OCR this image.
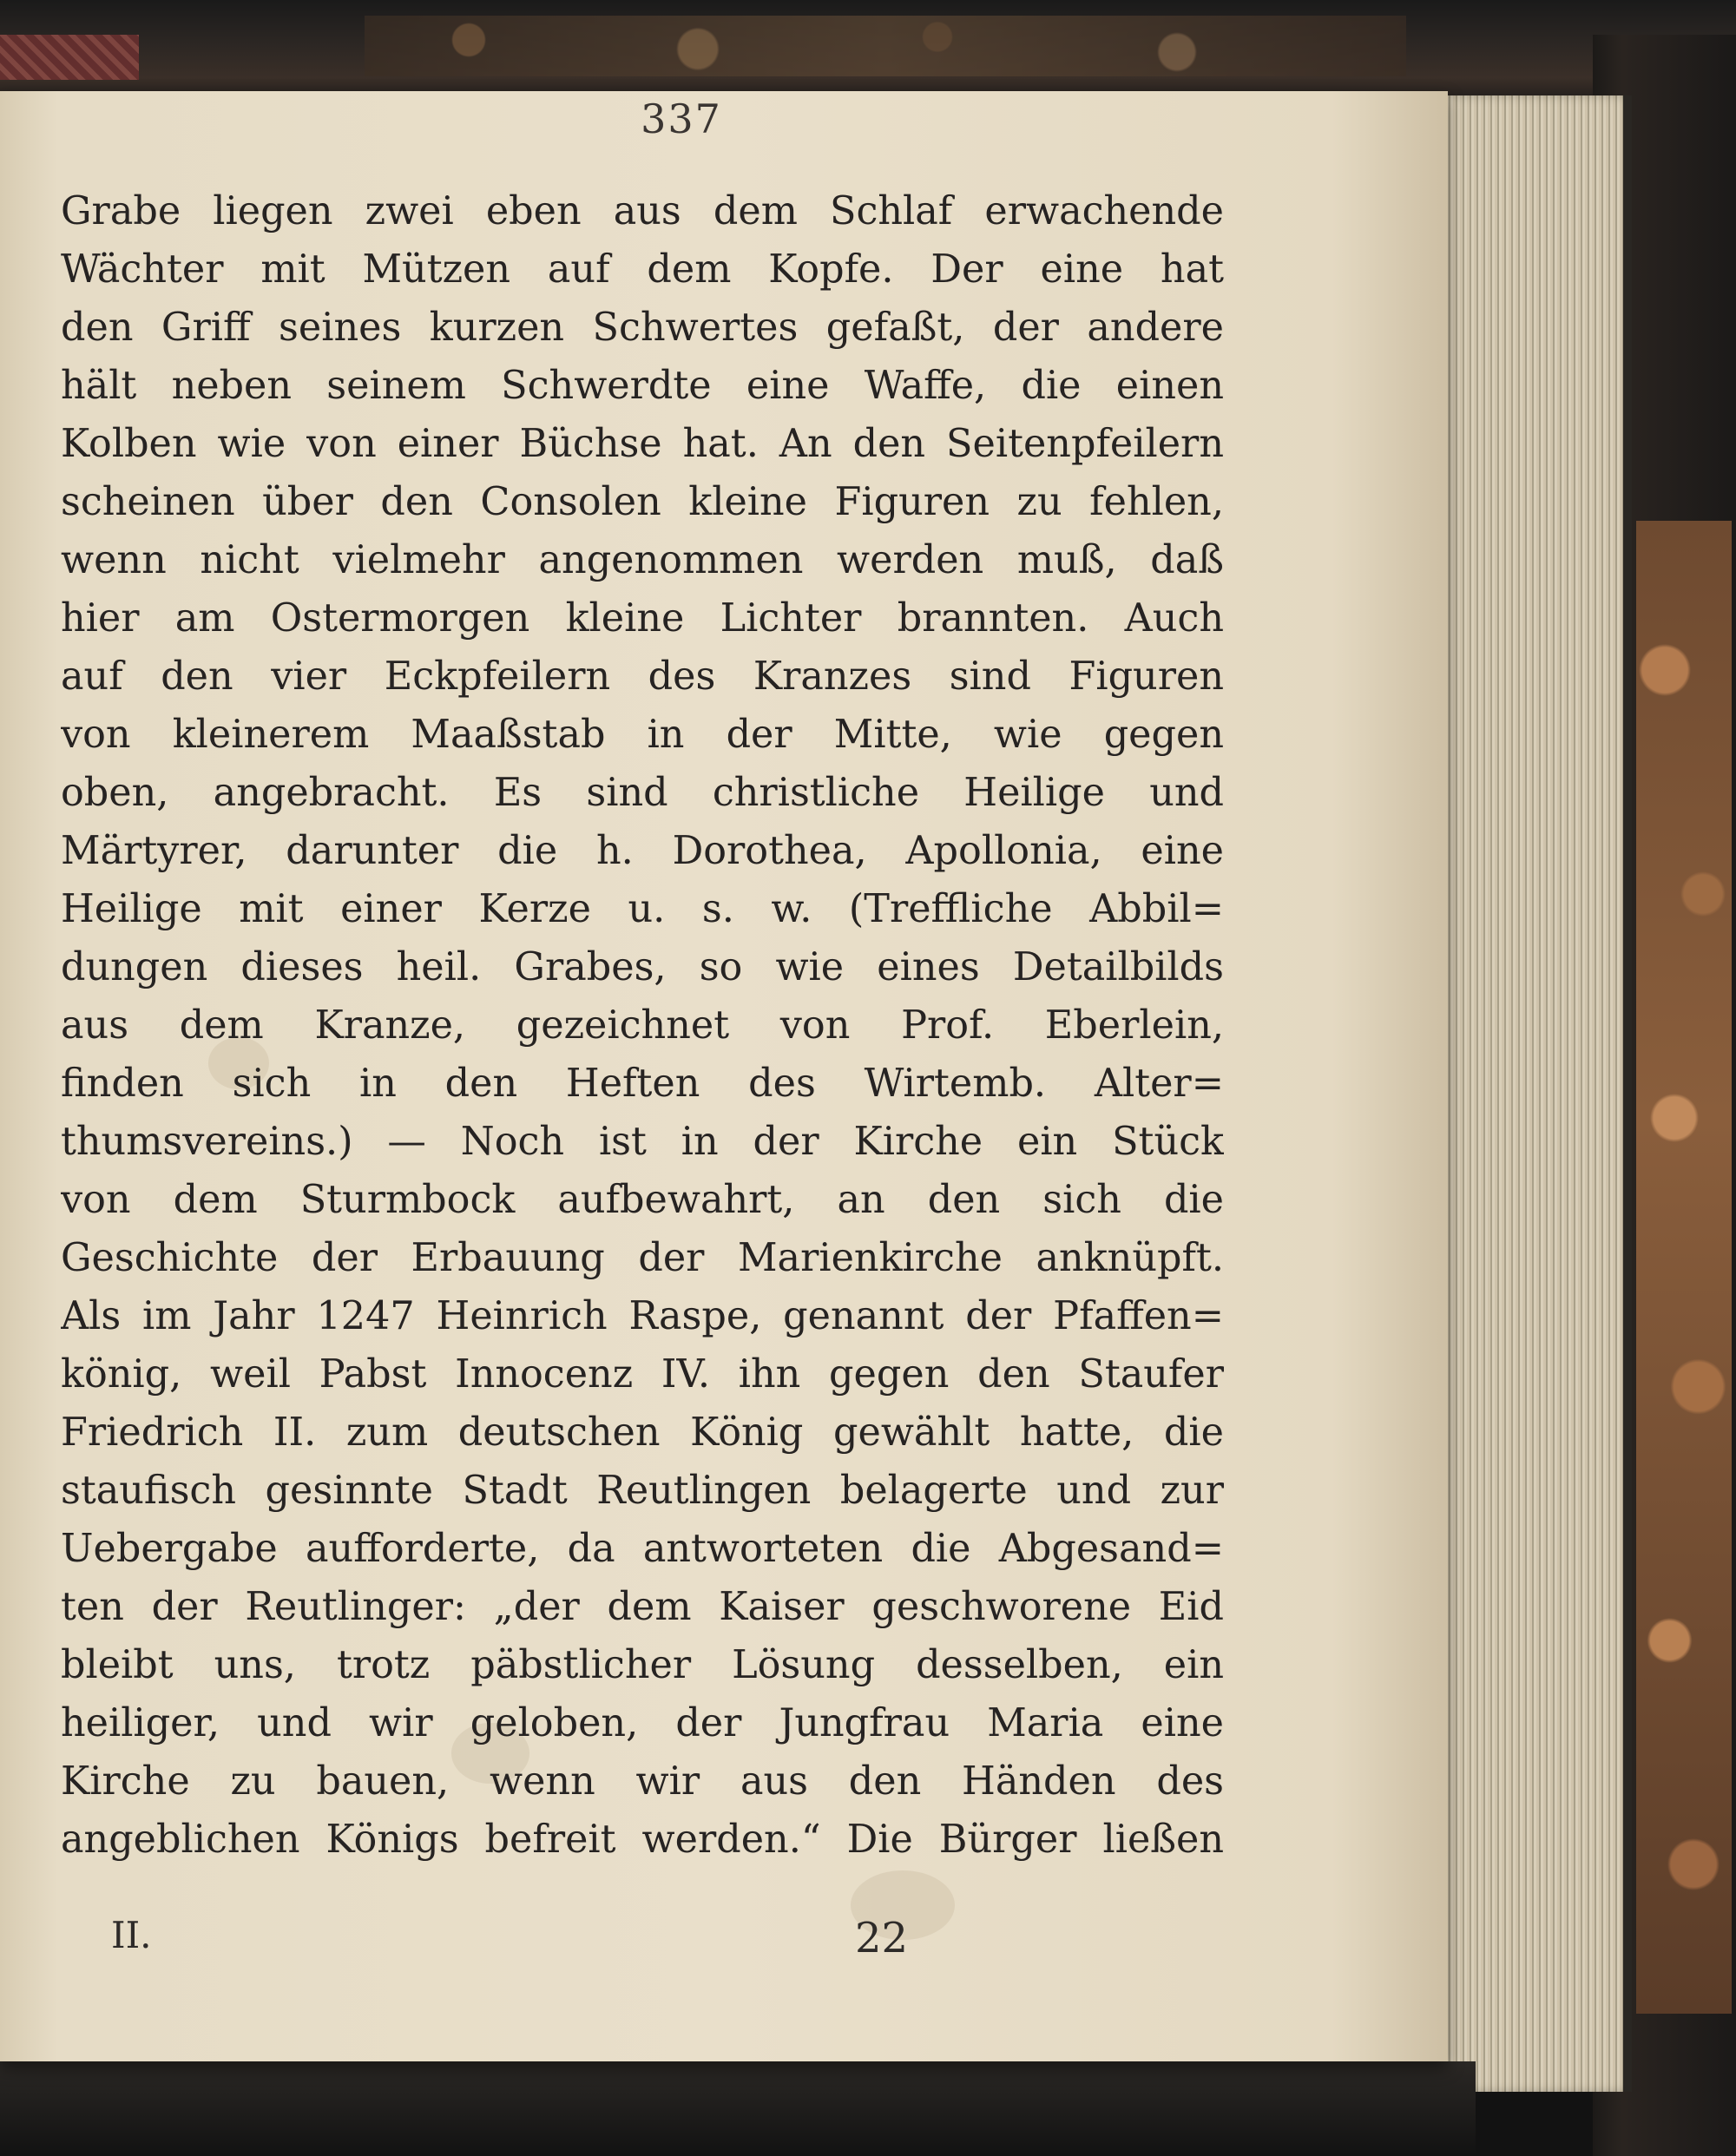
337
Grabe liegen zwei eben aus dem Schlaf erwachende
Wächter mit Mützen auf dem Kopfe. Der eine hat
den Griff seines kurzen Schwertes gefaßt, der andere
hält neben seinem Schwerdte eine Waffe, die einen
Kolben wie von einer Büchse hat. An den Seitenpfeilern
scheinen über den Consolen kleine Figuren zu fehlen,
wenn nicht vielmehr angenommen werden muß, daß
hier am Ostermorgen kleine Lichter brannten. Auch
auf den vier Eckpfeilern des Kranzes sind Figuren
von kleinerem Maaßstab in der Mitte, wie gegen
oben, angebracht. Es sind christliche Heilige und
Märtyrer, darunter die h. Dorothea, Apollonia, eine
Heilige mit einer Kerze u. s. w. (Treffliche Abbil=
dungen dieses heil. Grabes, so wie eines Detailbilds
aus dem Kranze, gezeichnet von Prof. Eberlein,
finden sich in den Heften des Wirtemb. Alter=
thumsvereins.) — Noch ist in der Kirche ein Stück
von dem Sturmbock aufbewahrt, an den sich die
Geschichte der Erbauung der Marienkirche anknüpft.
Als im Jahr 1247 Heinrich Raspe, genannt der Pfaffen=
könig, weil Pabst Innocenz IV. ihn gegen den Staufer
Friedrich II. zum deutschen König gewählt hatte, die
staufisch gesinnte Stadt Reutlingen belagerte und zur
Uebergabe aufforderte, da antworteten die Abgesand=
ten der Reutlinger: „der dem Kaiser geschworene Eid
bleibt uns, trotz päbstlicher Lösung desselben, ein
heiliger, und wir geloben, der Jungfrau Maria eine
Kirche zu bauen, wenn wir aus den Händen des
angeblichen Königs befreit werden.“ Die Bürger ließen
II.	22
